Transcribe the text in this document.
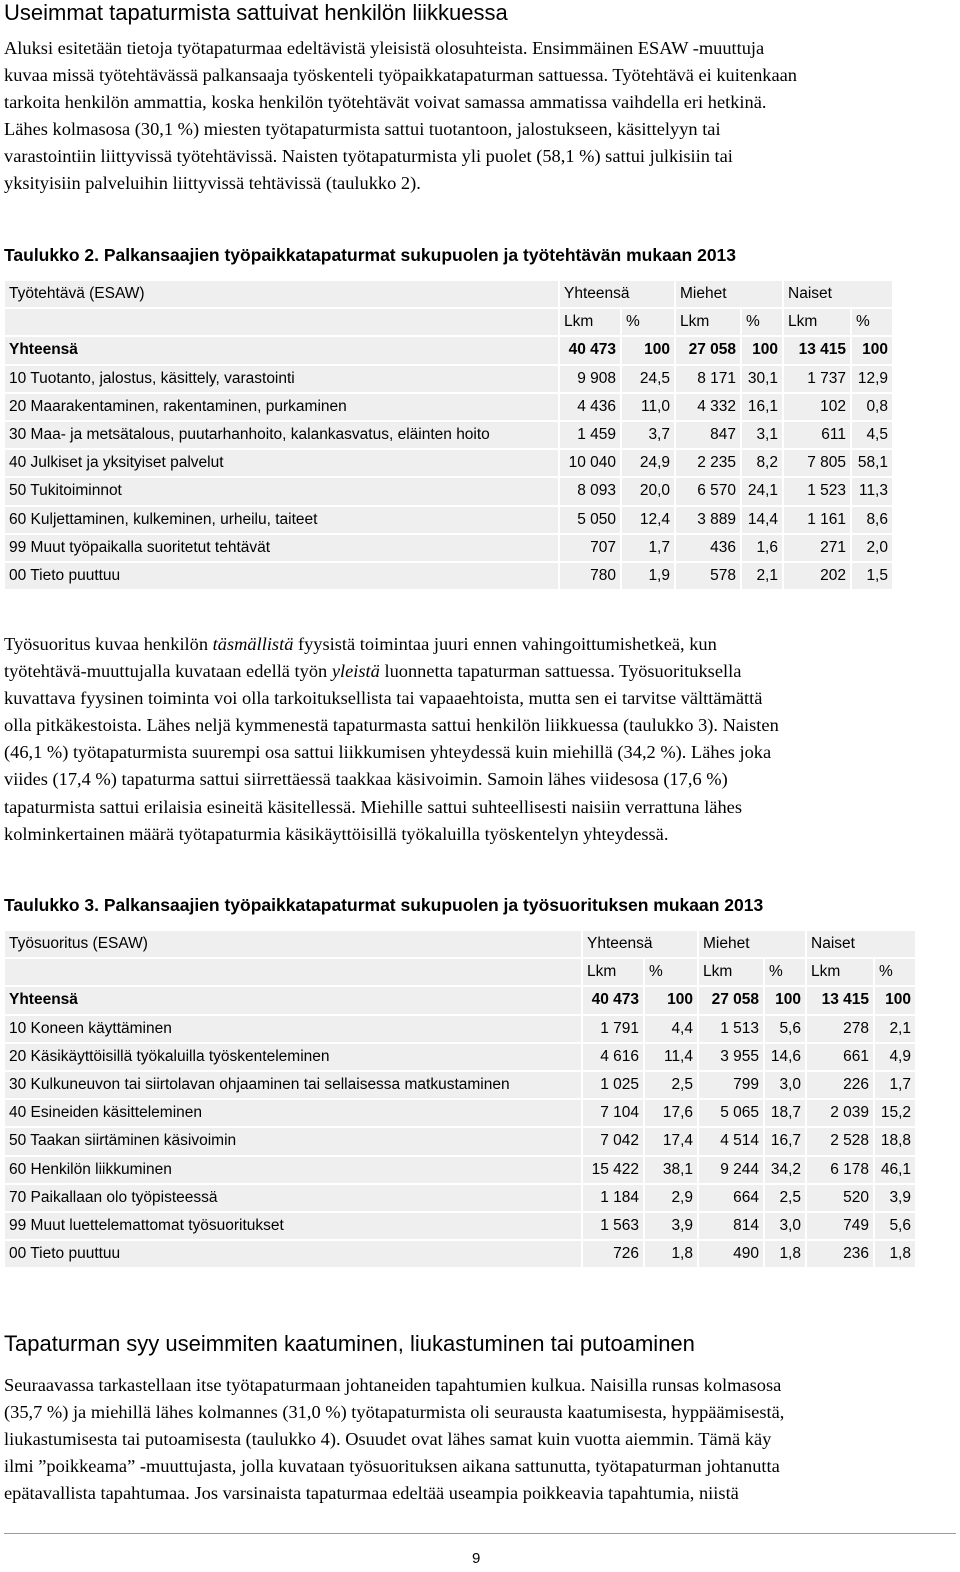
Useimmat tapaturmista sattuivat henkilön liikkuessa
Aluksi esitetään tietoja työtapaturmaa edeltävistä yleisistä olosuhteista. Ensimmäinen ESAW -muuttuja
kuvaa missä työtehtävässä palkansaaja työskenteli työpaikkatapaturman sattuessa. Työtehtävä ei kuitenkaan
tarkoita henkilön ammattia, koska henkilön työtehtävät voivat samassa ammatissa vaihdella eri hetkinä.
Lähes kolmasosa (30,1 %) miesten työtapaturmista sattui tuotantoon, jalostukseen, käsittelyyn tai
varastointiin liittyvissä työtehtävissä. Naisten työtapaturmista yli puolet (58,1 %) sattui julkisiin tai
yksityisiin palveluihin liittyvissä tehtävissä (taulukko 2).
Taulukko 2. Palkansaajien työpaikkatapaturmat sukupuolen ja työtehtävän mukaan 2013
Työtehtävä (ESAW)	Yhteensä		Miehet		Naiset	
	Lkm	%	Lkm	%	Lkm	%
Yhteensä	40 473	100	27 058	100	13 415	100
10 Tuotanto, jalostus, käsittely, varastointi	9 908	24,5	8 171	30,1	1 737	12,9
20 Maarakentaminen, rakentaminen, purkaminen	4 436	11,0	4 332	16,1	102	0,8
30 Maa- ja metsätalous, puutarhanhoito, kalankasvatus, eläinten hoito	1 459	3,7	847	3,1	611	4,5
40 Julkiset ja yksityiset palvelut	10 040	24,9	2 235	8,2	7 805	58,1
50 Tukitoiminnot	8 093	20,0	6 570	24,1	1 523	11,3
60 Kuljettaminen, kulkeminen, urheilu, taiteet	5 050	12,4	3 889	14,4	1 161	8,6
99 Muut työpaikalla suoritetut tehtävät	707	1,7	436	1,6	271	2,0
00 Tieto puuttuu	780	1,9	578	2,1	202	1,5
Työsuoritus kuvaa henkilön täsmällistä fyysistä toimintaa juuri ennen vahingoittumishetkeä, kun
työtehtävä-muuttujalla kuvataan edellä työn yleistä luonnetta tapaturman sattuessa. Työsuorituksella
kuvattava fyysinen toiminta voi olla tarkoituksellista tai vapaaehtoista, mutta sen ei tarvitse välttämättä
olla pitkäkestoista. Lähes neljä kymmenestä tapaturmasta sattui henkilön liikkuessa (taulukko 3). Naisten
(46,1 %) työtapaturmista suurempi osa sattui liikkumisen yhteydessä kuin miehillä (34,2 %). Lähes joka
viides (17,4 %) tapaturma sattui siirrettäessä taakkaa käsivoimin. Samoin lähes viidesosa (17,6 %)
tapaturmista sattui erilaisia esineitä käsitellessä. Miehille sattui suhteellisesti naisiin verrattuna lähes
kolminkertainen määrä työtapaturmia käsikäyttöisillä työkaluilla työskentelyn yhteydessä.
Taulukko 3. Palkansaajien työpaikkatapaturmat sukupuolen ja työsuorituksen mukaan 2013
Työsuoritus (ESAW)	Yhteensä		Miehet		Naiset	
	Lkm	%	Lkm	%	Lkm	%
Yhteensä	40 473	100	27 058	100	13 415	100
10 Koneen käyttäminen	1 791	4,4	1 513	5,6	278	2,1
20 Käsikäyttöisillä työkaluilla työskenteleminen	4 616	11,4	3 955	14,6	661	4,9
30 Kulkuneuvon tai siirtolavan ohjaaminen tai sellaisessa matkustaminen	1 025	2,5	799	3,0	226	1,7
40 Esineiden käsitteleminen	7 104	17,6	5 065	18,7	2 039	15,2
50 Taakan siirtäminen käsivoimin	7 042	17,4	4 514	16,7	2 528	18,8
60 Henkilön liikkuminen	15 422	38,1	9 244	34,2	6 178	46,1
70 Paikallaan olo työpisteessä	1 184	2,9	664	2,5	520	3,9
99 Muut luettelemattomat työsuoritukset	1 563	3,9	814	3,0	749	5,6
00 Tieto puuttuu	726	1,8	490	1,8	236	1,8
Tapaturman syy useimmiten kaatuminen, liukastuminen tai putoaminen
Seuraavassa tarkastellaan itse työtapaturmaan johtaneiden tapahtumien kulkua. Naisilla runsas kolmasosa
(35,7 %) ja miehillä lähes kolmannes (31,0 %) työtapaturmista oli seurausta kaatumisesta, hyppäämisestä,
liukastumisesta tai putoamisesta (taulukko 4). Osuudet ovat lähes samat kuin vuotta aiemmin. Tämä käy
ilmi ”poikkeama” -muuttujasta, jolla kuvataan työsuorituksen aikana sattunutta, työtapaturman johtanutta
epätavallista tapahtumaa. Jos varsinaista tapaturmaa edeltää useampia poikkeavia tapahtumia, niistä
9
